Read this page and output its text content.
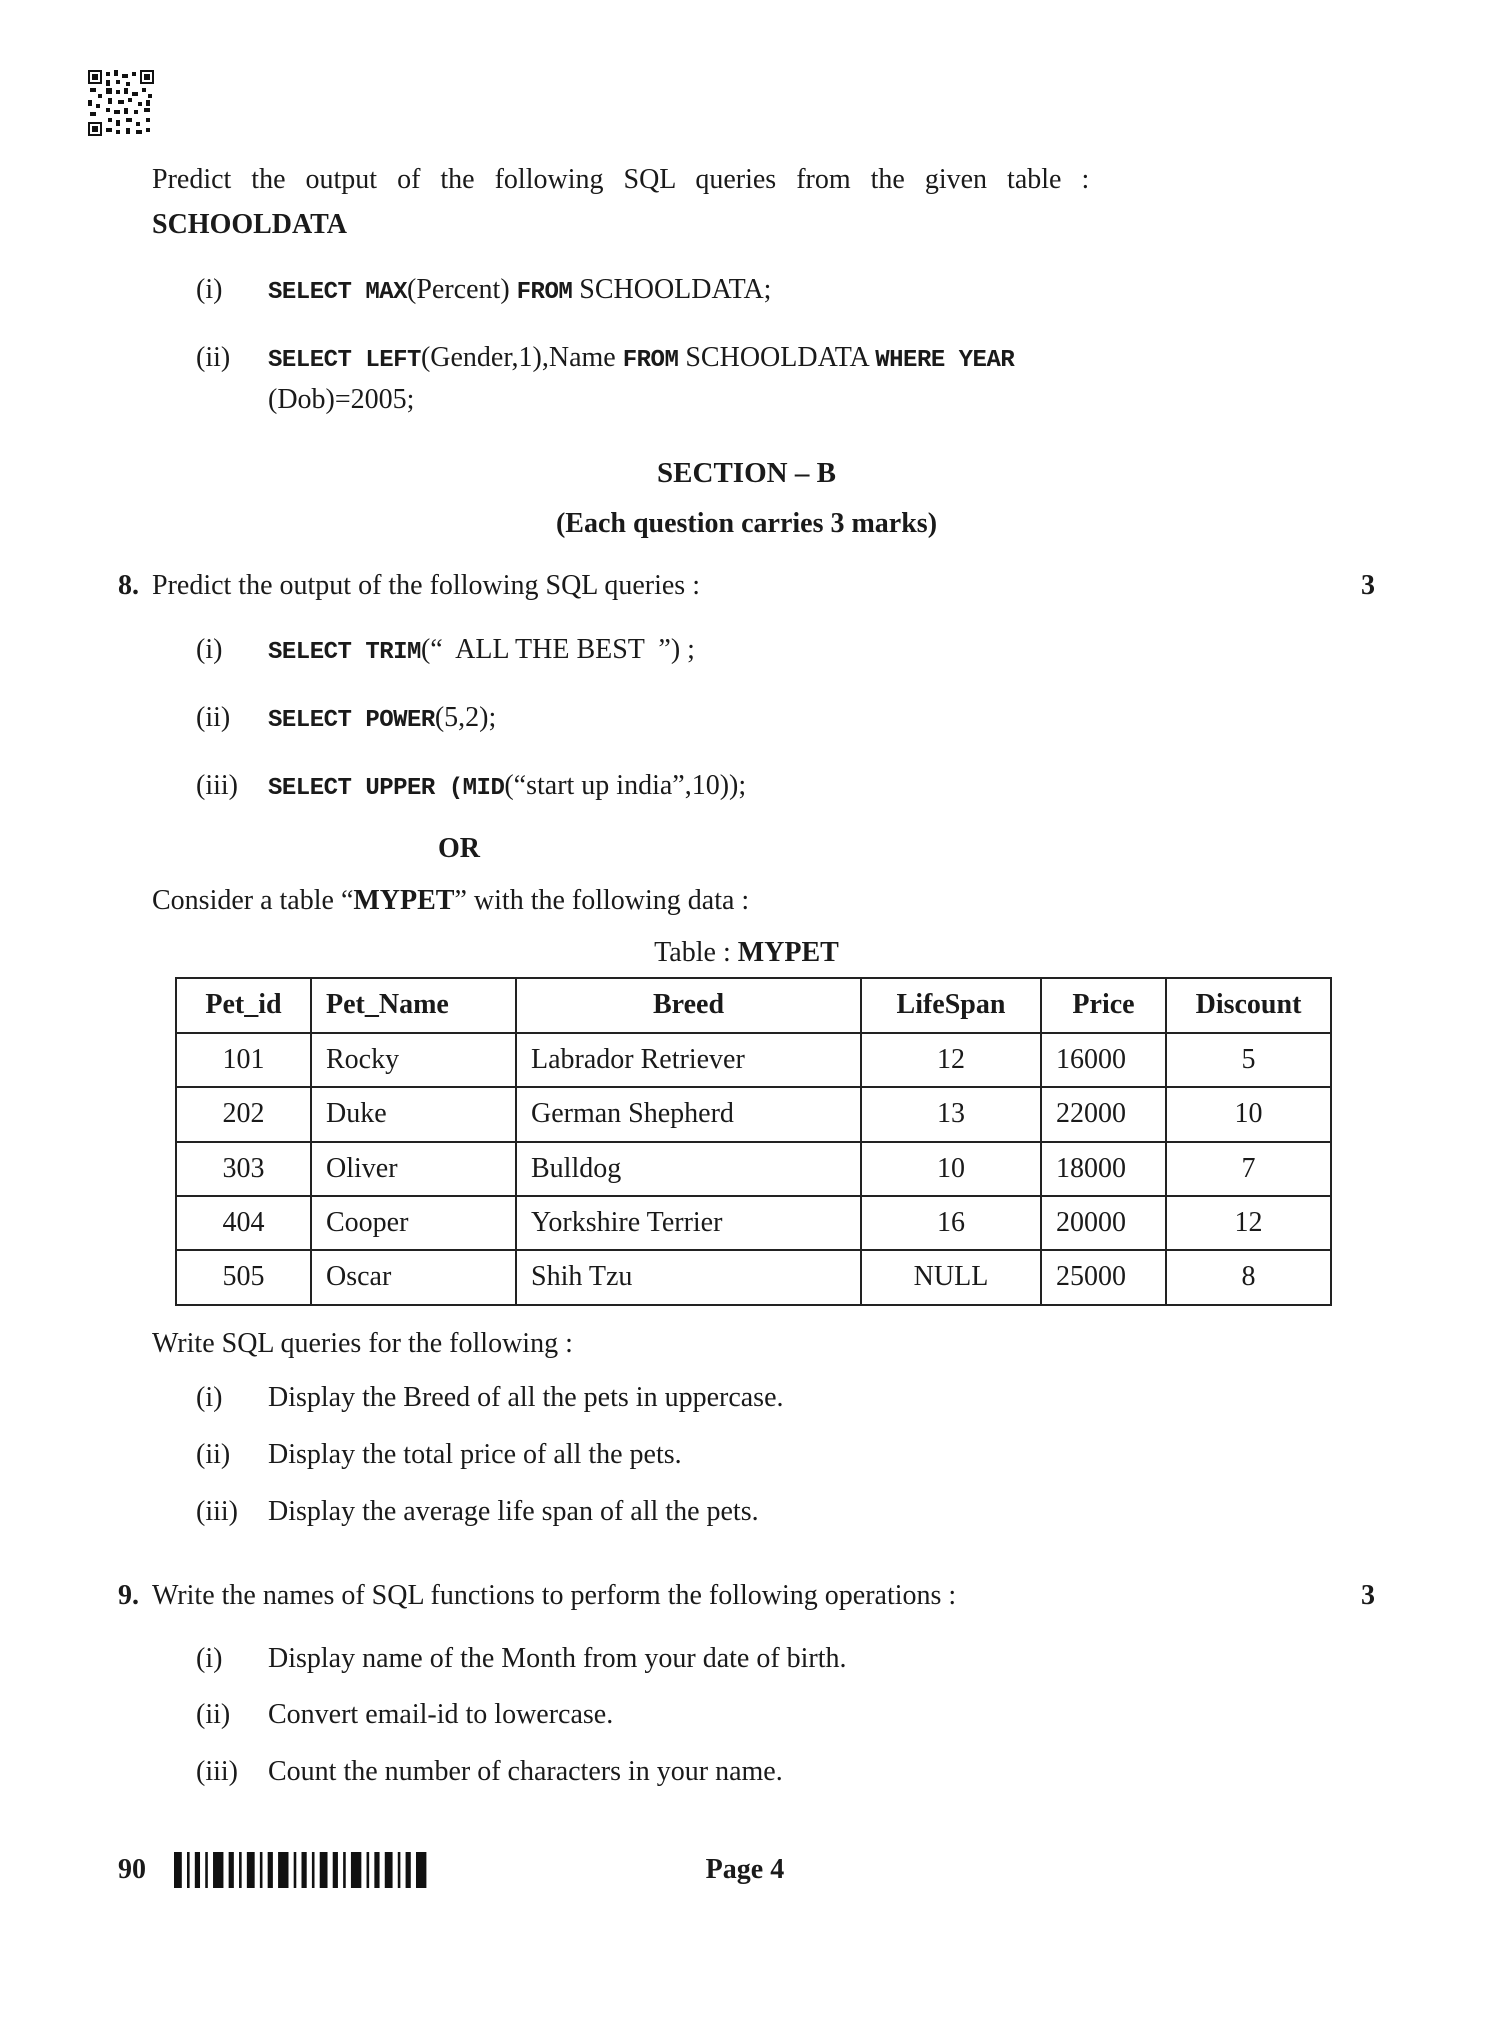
Predict the output of the following SQL queries from the given table :
SCHOOLDATA
(i)	SELECT MAX(Percent) FROM SCHOOLDATA;
(ii)	SELECT LEFT(Gender,1),Name FROM SCHOOLDATA WHERE YEAR
(Dob)=2005;
SECTION – B
(Each question carries 3 marks)
8. Predict the output of the following SQL queries :	3
(i)	SELECT TRIM(“  ALL THE BEST  ”) ;
(ii)	SELECT POWER(5,2);
(iii)	SELECT UPPER (MID(“start up india”,10));
OR
Consider a table “MYPET” with the following data :
Table : MYPET
Pet_id	Pet_Name	Breed	LifeSpan	Price	Discount
101	Rocky	Labrador Retriever	12	16000	5
202	Duke	German Shepherd	13	22000	10
303	Oliver	Bulldog	10	18000	7
404	Cooper	Yorkshire Terrier	16	20000	12
505	Oscar	Shih Tzu	NULL	25000	8
Write SQL queries for the following :
(i)	Display the Breed of all the pets in uppercase.
(ii)	Display the total price of all the pets.
(iii)	Display the average life span of all the pets.
9. Write the names of SQL functions to perform the following operations :	3
(i)	Display name of the Month from your date of birth.
(ii)	Convert email-id to lowercase.
(iii)	Count the number of characters in your name.
90	Page 4
